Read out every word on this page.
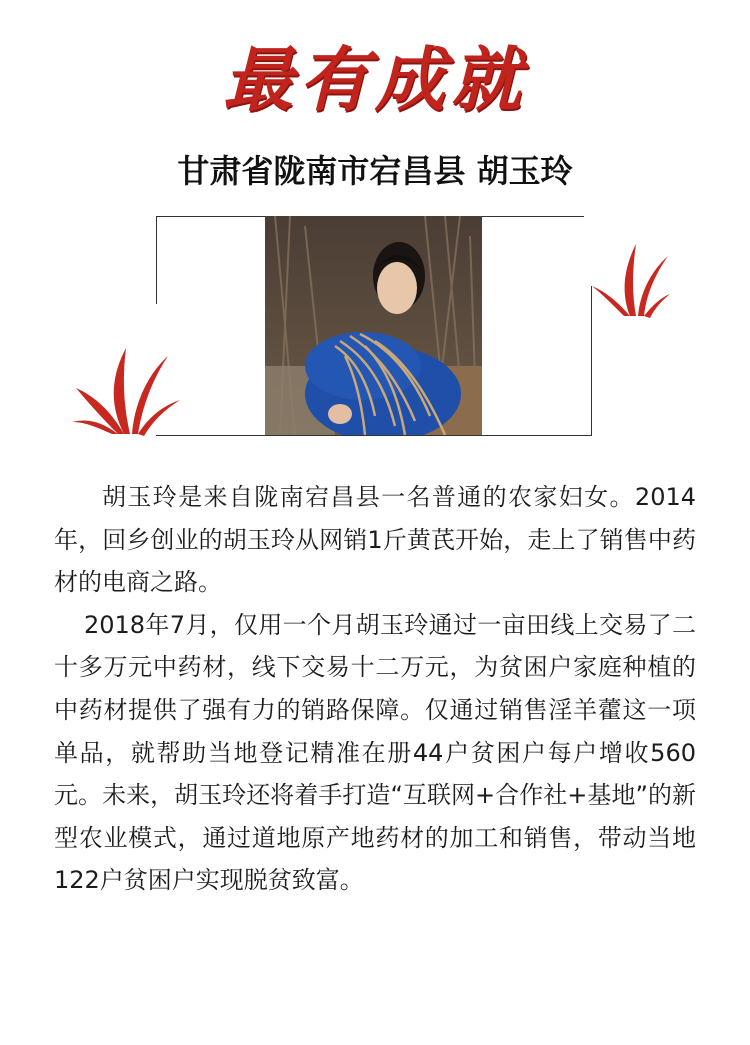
最有成就
甘肃省陇南市宕昌县 胡玉玲

胡玉玲是来自陇南宕昌县一名普通的农家妇女。2014年，回乡创业的胡玉玲从网销1斤黄芪开始，走上了销售中药材的电商之路。

2018年7月，仅用一个月胡玉玲通过一亩田线上交易了二十多万元中药材，线下交易十二万元，为贫困户家庭种植的中药材提供了强有力的销路保障。仅通过销售淫羊藿这一项单品，就帮助当地登记精准在册44户贫困户每户增收560元。未来，胡玉玲还将着手打造“互联网+合作社+基地”的新型农业模式，通过道地原产地药材的加工和销售，带动当地122户贫困户实现脱贫致富。
